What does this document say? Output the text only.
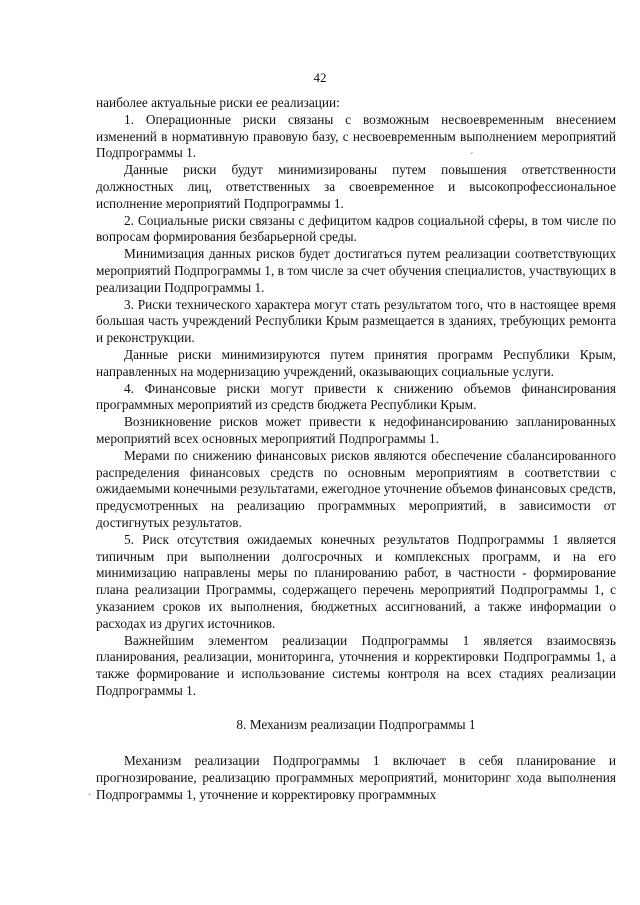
42

наиболее актуальные риски ее реализации:

1. Операционные риски связаны с возможным несвоевременным внесением изменений в нормативную правовую базу, с несвоевременным выполнением мероприятий Подпрограммы 1.

Данные риски будут минимизированы путем повышения ответственности должностных лиц, ответственных за своевременное и высокопрофессиональное исполнение мероприятий Подпрограммы 1.

2. Социальные риски связаны с дефицитом кадров социальной сферы, в том числе по вопросам формирования безбарьерной среды.

Минимизация данных рисков будет достигаться путем реализации соответствующих мероприятий Подпрограммы 1, в том числе за счет обучения специалистов, участвующих в реализации Подпрограммы 1.

3. Риски технического характера могут стать результатом того, что в настоящее время большая часть учреждений Республики Крым размещается в зданиях, требующих ремонта и реконструкции.

Данные риски минимизируются путем принятия программ Республики Крым, направленных на модернизацию учреждений, оказывающих социальные услуги.

4. Финансовые риски могут привести к снижению объемов финансирования программных мероприятий из средств бюджета Республики Крым.

Возникновение рисков может привести к недофинансированию запланированных мероприятий всех основных мероприятий Подпрограммы 1.

Мерами по снижению финансовых рисков являются обеспечение сбалансированного распределения финансовых средств по основным мероприятиям в соответствии с ожидаемыми конечными результатами, ежегодное уточнение объемов финансовых средств, предусмотренных на реализацию программных мероприятий, в зависимости от достигнутых результатов.

5. Риск отсутствия ожидаемых конечных результатов Подпрограммы 1 является типичным при выполнении долгосрочных и комплексных программ, и на его минимизацию направлены меры по планированию работ, в частности - формирование плана реализации Программы, содержащего перечень мероприятий Подпрограммы 1, с указанием сроков их выполнения, бюджетных ассигнований, а также информации о расходах из других источников.

Важнейшим элементом реализации Подпрограммы 1 является взаимосвязь планирования, реализации, мониторинга, уточнения и корректировки Подпрограммы 1, а также формирование и использование системы контроля на всех стадиях реализации Подпрограммы 1.

8. Механизм реализации Подпрограммы 1

Механизм реализации Подпрограммы 1 включает в себя планирование и прогнозирование, реализацию программных мероприятий, мониторинг хода выполнения Подпрограммы 1, уточнение и корректировку программных

ˊ
·
